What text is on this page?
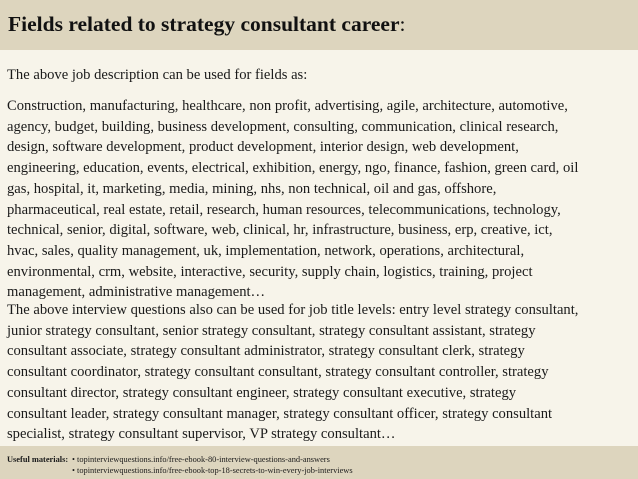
Fields related to strategy consultant career:
The above job description can be used for fields as:

Construction, manufacturing, healthcare, non profit, advertising, agile, architecture, automotive,
agency, budget, building, business development, consulting, communication, clinical research,
design, software development, product development, interior design, web development,
engineering, education, events, electrical, exhibition, energy, ngo, finance, fashion, green card, oil
gas, hospital, it, marketing, media, mining, nhs, non technical, oil and gas, offshore,
pharmaceutical, real estate, retail, research, human resources, telecommunications, technology,
technical, senior, digital, software, web, clinical, hr, infrastructure, business, erp, creative, ict,
hvac, sales, quality management, uk, implementation, network, operations, architectural,
environmental, crm, website, interactive, security, supply chain, logistics, training, project
management, administrative management…

The above interview questions also can be used for job title levels: entry level strategy consultant,
junior strategy consultant, senior strategy consultant, strategy consultant assistant, strategy
consultant associate, strategy consultant administrator, strategy consultant clerk, strategy
consultant coordinator, strategy consultant consultant, strategy consultant controller, strategy
consultant director, strategy consultant engineer, strategy consultant executive, strategy
consultant leader, strategy consultant manager, strategy consultant officer, strategy consultant
specialist, strategy consultant supervisor, VP strategy consultant…

Useful materials: • topinterviewquestions.info/free-ebook-80-interview-questions-and-answers
• topinterviewquestions.info/free-ebook-top-18-secrets-to-win-every-job-interviews
